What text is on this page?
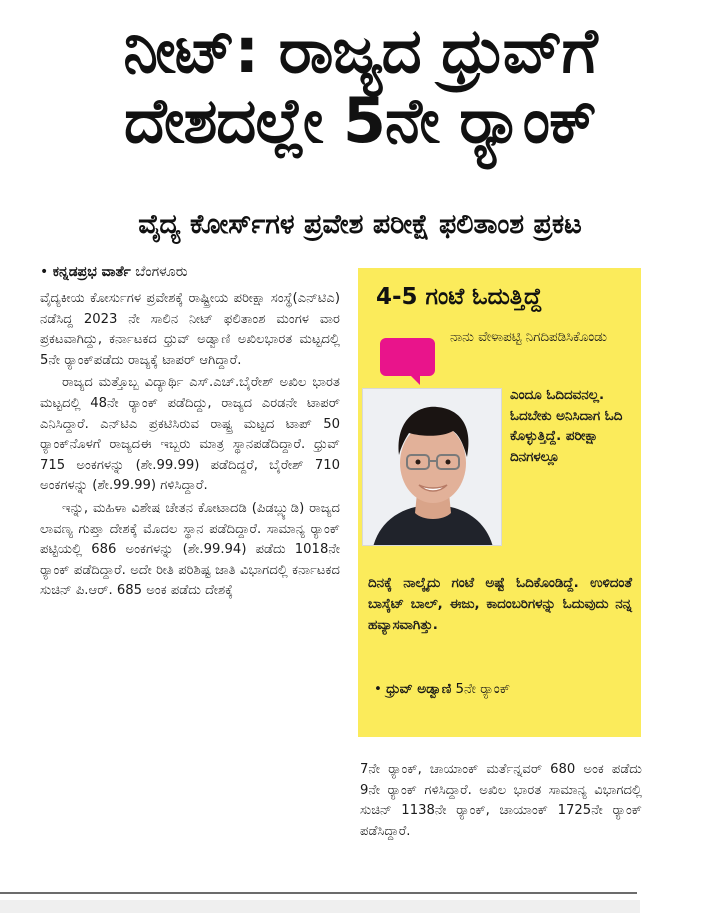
ನೀಟ್: ರಾಜ್ಯದ ಧ್ರುವ್‌ಗೆ
ದೇಶದಲ್ಲೇ 5ನೇ ರ್‍ಯಾಂಕ್
ವೈದ್ಯ ಕೋರ್ಸ್‌ಗಳ ಪ್ರವೇಶ ಪರೀಕ್ಷೆ ಫಲಿತಾಂಶ ಪ್ರಕಟ
• ಕನ್ನಡಪ್ರಭ ವಾರ್ತೆ ಬೆಂಗಳೂರು

ವೈದ್ಯಕೀಯ ಕೋರ್ಸುಗಳ ಪ್ರವೇಶಕ್ಕೆ ರಾಷ್ಟ್ರೀಯ ಪರೀಕ್ಷಾ ಸಂಸ್ಥೆ(ಎನ್‌ಟಿಎ) ನಡೆಸಿದ್ದ 2023 ನೇ ಸಾಲಿನ ನೀಟ್ ಫಲಿತಾಂಶ ಮಂಗಳ ವಾರ ಪ್ರಕಟವಾಗಿದ್ದು, ಕರ್ನಾಟಕದ ಧ್ರುವ್ ಅಡ್ವಾಣಿ ಅಖಿಲಭಾರತ ಮಟ್ಟದಲ್ಲಿ 5ನೇ ರ್‍ಯಾಂಕ್‌ಪಡೆದು ರಾಜ್ಯಕ್ಕೆ ಟಾಪರ್ ಆಗಿದ್ದಾರೆ.

ರಾಜ್ಯದ ಮತ್ತೊಬ್ಬ ವಿದ್ಯಾರ್ಥಿ ಎಸ್.ಎಚ್.ಬೈರೇಶ್ ಅಖಿಲ ಭಾರತ ಮಟ್ಟದಲ್ಲಿ 48ನೇ ರ್‍ಯಾಂಕ್ ಪಡೆದಿದ್ದು, ರಾಜ್ಯದ ಎರಡನೇ ಟಾಪರ್ ಎನಿಸಿದ್ದಾರೆ. ಎನ್‌ಟಿಎ ಪ್ರಕಟಿಸಿರುವ ರಾಷ್ಟ್ರ ಮಟ್ಟದ ಟಾಪ್ 50 ರ್‍ಯಾಂಕ್‌ನೊಳಗೆ ರಾಜ್ಯದಈ ಇಬ್ಬರು ಮಾತ್ರ ಸ್ಥಾನಪಡೆದಿದ್ದಾರೆ. ಧ್ರುವ್ 715 ಅಂಕಗಳನ್ನು (ಶೇ.99.99) ಪಡೆದಿದ್ದರೆ, ಬೈರೇಶ್ 710 ಅಂಕಗಳನ್ನು (ಶೇ.99.99) ಗಳಿಸಿದ್ದಾರೆ.

ಇನ್ನು, ಮಹಿಳಾ ವಿಶೇಷ ಚೇತನ ಕೋಟಾದಡಿ (ಪಿಡಬ್ಲ್ಯುಡಿ) ರಾಜ್ಯದ ಲಾವಣ್ಯ ಗುಪ್ತಾ ದೇಶಕ್ಕೆ ಮೊದಲ ಸ್ಥಾನ ಪಡೆದಿದ್ದಾರೆ. ಸಾಮಾನ್ಯ ರ್‍ಯಾಂಕ್ ಪಟ್ಟಿಯಲ್ಲಿ 686 ಅಂಕಗಳನ್ನು (ಶೇ.99.94) ಪಡೆದು 1018ನೇ ರ್‍ಯಾಂಕ್ ಪಡೆದಿದ್ದಾರೆ. ಅದೇ ರೀತಿ ಪರಿಶಿಷ್ಟ ಜಾತಿ ವಿಭಾಗದಲ್ಲಿ ಕರ್ನಾಟಕದ ಸುಚಿನ್ ಪಿ.ಆರ್. 685 ಅಂಕ ಪಡೆದು ದೇಶಕ್ಕೆ

4-5 ಗಂಟೆ ಓದುತ್ತಿದ್ದೆ
ನಾನು ವೇಳಾಪಟ್ಟಿ ನಿಗದಿಪಡಿಸಿಕೊಂಡು
ಎಂದೂ ಓದಿದವನಲ್ಲ. ಓದಬೇಕು ಅನಿಸಿದಾಗ ಓದಿ ಕೊಳ್ಳುತ್ತಿದ್ದೆ. ಪರೀಕ್ಷಾ ದಿನಗಳಲ್ಲೂ
ದಿನಕ್ಕೆ ನಾಲ್ಕೈದು ಗಂಟೆ ಅಷ್ಟೆ ಓದಿಕೊಂಡಿದ್ದೆ. ಉಳಿದಂತೆ ಬಾಸ್ಕೆಟ್ ಬಾಲ್, ಈಜು, ಕಾದಂಬರಿಗಳನ್ನು ಓದುವುದು ನನ್ನ ಹವ್ಯಾಸವಾಗಿತ್ತು.
• ಧ್ರುವ್ ಅಡ್ವಾಣಿ 5ನೇ ರ್‍ಯಾಂಕ್

7ನೇ ರ್‍ಯಾಂಕ್, ಚಾಯಾಂಕ್ ಮರ್ತೆನ್ನವರ್ 680 ಅಂಕ ಪಡೆದು 9ನೇ ರ್‍ಯಾಂಕ್ ಗಳಿಸಿದ್ದಾರೆ. ಅಖಿಲ ಭಾರತ ಸಾಮಾನ್ಯ ವಿಭಾಗದಲ್ಲಿ ಸುಚಿನ್ 1138ನೇ ರ್‍ಯಾಂಕ್, ಚಾಯಾಂಕ್ 1725ನೇ ರ್‍ಯಾಂಕ್ ಪಡೆಸಿದ್ದಾರೆ.
